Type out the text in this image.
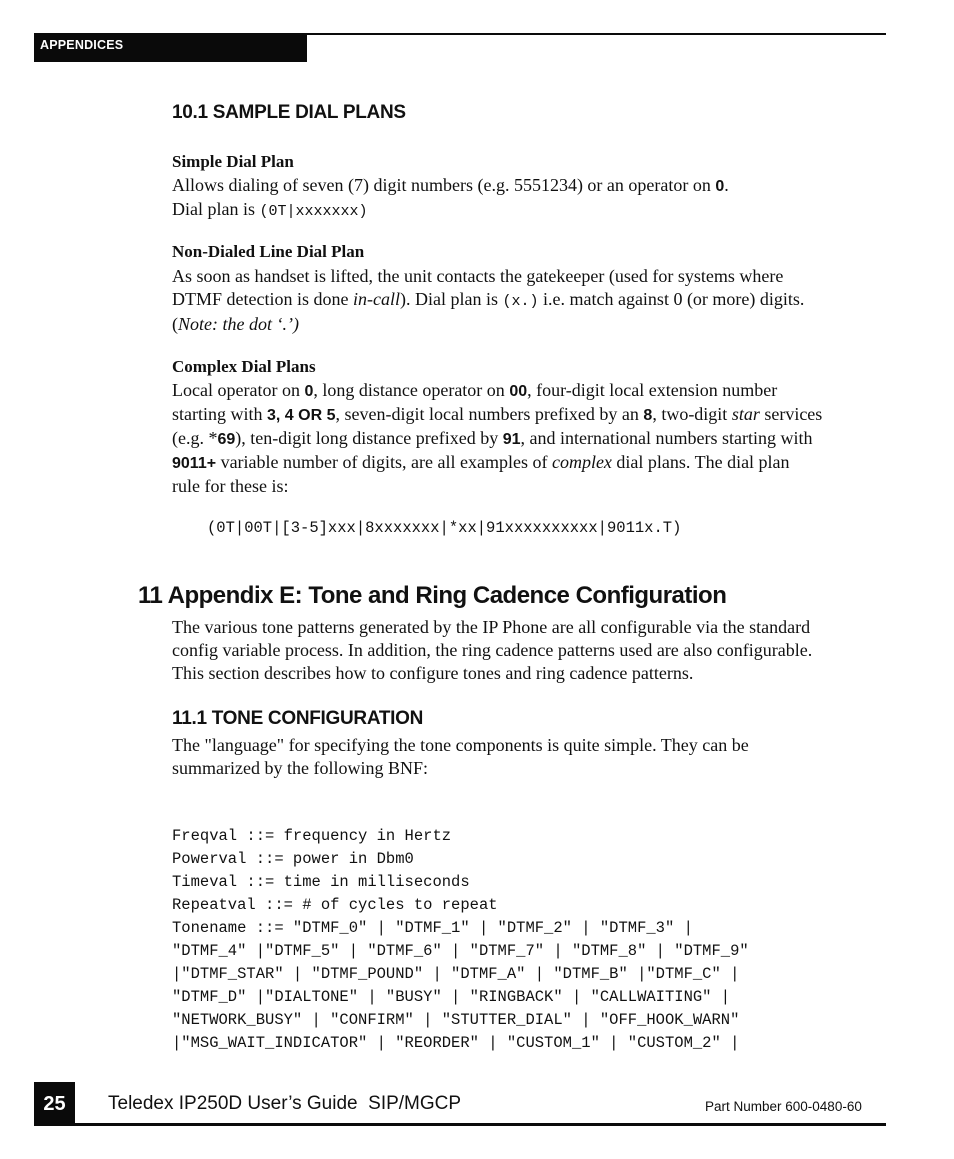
APPENDICES
10.1 SAMPLE DIAL PLANS
Simple Dial Plan
Allows dialing of seven (7) digit numbers (e.g. 5551234) or an operator on 0.
Dial plan is (0T|xxxxxxx)
Non-Dialed Line Dial Plan
As soon as handset is lifted, the unit contacts the gatekeeper (used for systems where
DTMF detection is done in-call). Dial plan is (x.) i.e. match against 0 (or more) digits.
(Note: the dot ‘.’)
Complex Dial Plans
Local operator on 0, long distance operator on 00, four-digit local extension number
starting with 3, 4 OR 5, seven-digit local numbers prefixed by an 8, two-digit star services
(e.g. *69), ten-digit long distance prefixed by 91, and international numbers starting with
9011+ variable number of digits, are all examples of complex dial plans. The dial plan
rule for these is:
(0T|00T|[3-5]xxx|8xxxxxxx|*xx|91xxxxxxxxxx|9011x.T)
11 Appendix E: Tone and Ring Cadence Configuration
The various tone patterns generated by the IP Phone are all configurable via the standard
config variable process. In addition, the ring cadence patterns used are also configurable.
This section describes how to configure tones and ring cadence patterns.
11.1 TONE CONFIGURATION
The "language" for specifying the tone components is quite simple. They can be
summarized by the following BNF:

Freqval ::= frequency in Hertz
Powerval ::= power in Dbm0
Timeval ::= time in milliseconds
Repeatval ::= # of cycles to repeat
Tonename ::= "DTMF_0" | "DTMF_1" | "DTMF_2" | "DTMF_3" |
"DTMF_4" |"DTMF_5" | "DTMF_6" | "DTMF_7" | "DTMF_8" | "DTMF_9"
|"DTMF_STAR" | "DTMF_POUND" | "DTMF_A" | "DTMF_B" |"DTMF_C" |
"DTMF_D" |"DIALTONE" | "BUSY" | "RINGBACK" | "CALLWAITING" |
"NETWORK_BUSY" | "CONFIRM" | "STUTTER_DIAL" | "OFF_HOOK_WARN"
|"MSG_WAIT_INDICATOR" | "REORDER" | "CUSTOM_1" | "CUSTOM_2" |

25	Teledex IP250D User’s Guide  SIP/MGCP	Part Number 600-0480-60
